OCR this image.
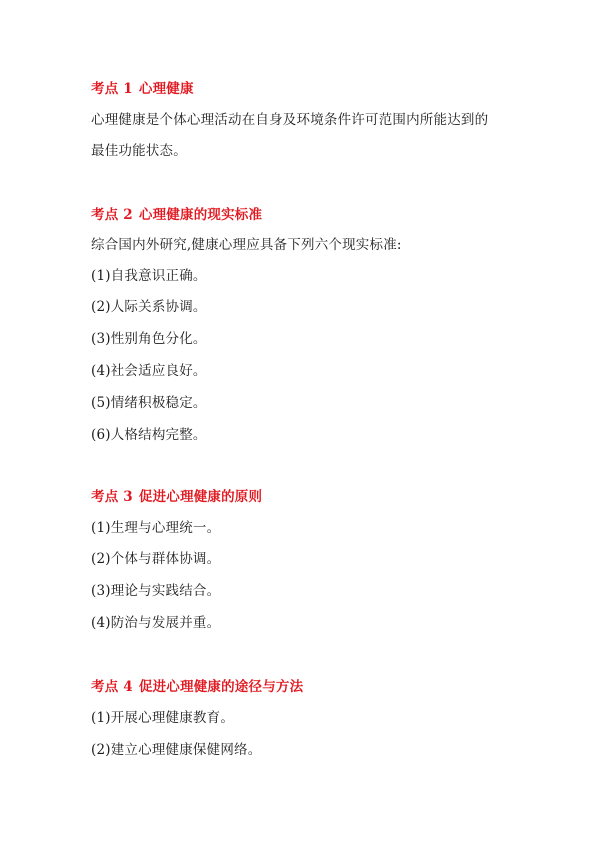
考点 1 心理健康
心理健康是个体心理活动在自身及环境条件许可范围内所能达到的
最佳功能状态。
考点 2 心理健康的现实标准
综合国内外研究,健康心理应具备下列六个现实标准:
(1)自我意识正确。
(2)人际关系协调。
(3)性别角色分化。
(4)社会适应良好。
(5)情绪积极稳定。
(6)人格结构完整。
考点 3 促进心理健康的原则
(1)生理与心理统一。
(2)个体与群体协调。
(3)理论与实践结合。
(4)防治与发展并重。
考点 4 促进心理健康的途径与方法
(1)开展心理健康教育。
(2)建立心理健康保健网络。
